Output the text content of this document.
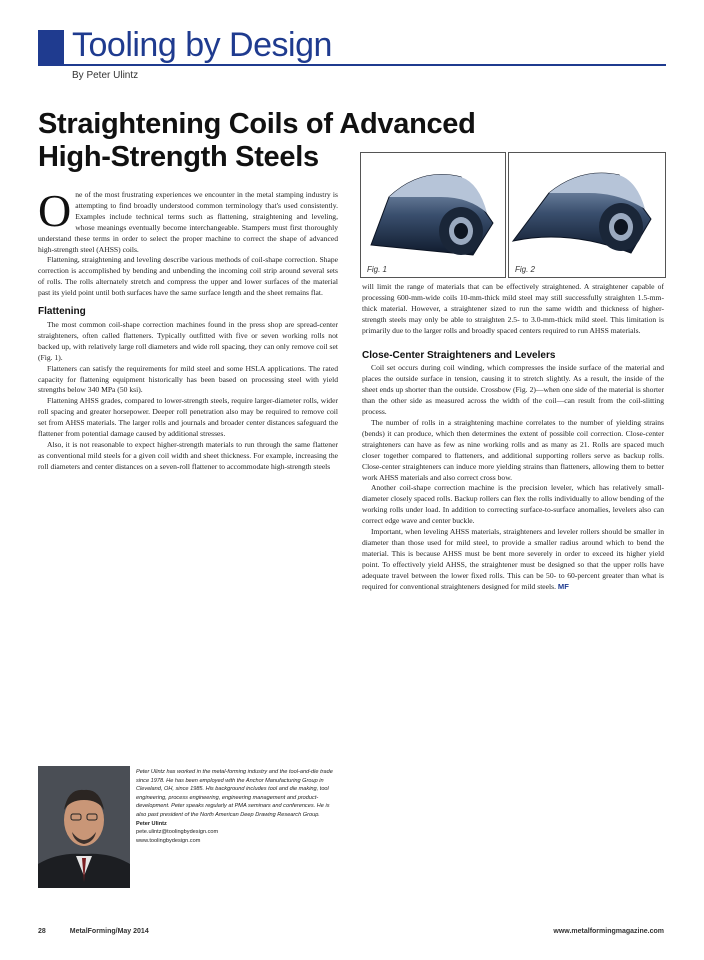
Tooling by Design
By Peter Ulintz
Straightening Coils of Advanced High-Strength Steels
Fig. 1	Fig. 2

One of the most frustrating experiences we encounter in the metal stamping industry is attempting to find broadly understood common terminology that's used consistently. Examples include technical terms such as flattening, straightening and leveling, whose meanings eventually become interchangeable. Stampers must first thoroughly understand these terms in order to select the proper machine to correct the shape of advanced high-strength steel (AHSS) coils.

Flattening, straightening and leveling describe various methods of coil-shape correction. Shape correction is accomplished by bending and unbending the incoming coil strip around several sets of rolls. The rolls alternately stretch and compress the upper and lower surfaces of the material past its yield point until both surfaces have the same surface length and the sheet remains flat.

Flattening

The most common coil-shape correction machines found in the press shop are spread-center straighteners, often called flatteners. Typically outfitted with five or seven working rolls not backed up, with relatively large roll diameters and wide roll spacing, they can only remove coil set (Fig. 1).

Flatteners can satisfy the requirements for mild steel and some HSLA applications. The rated capacity for flattening equipment historically has been based on processing steel with yield strengths below 340 MPa (50 ksi).

Flattening AHSS grades, compared to lower-strength steels, require larger-diameter rolls, wider roll spacing and greater horsepower. Deeper roll penetration also may be required to remove coil set from AHSS materials. The larger rolls and journals and broader center distances safeguard the flattener from potential damage caused by additional stresses.

Also, it is not reasonable to expect higher-strength materials to run through the same flattener as conventional mild steels for a given coil width and sheet thickness. For example, increasing the roll diameters and center distances on a seven-roll flattener to accommodate high-strength steels

Peter Ulintz has worked in the metal-forming industry and the tool-and-die trade since 1978. He has been employed with the Anchor Manufacturing Group in Cleveland, OH, since 1985. His background includes tool and die making, tool engineering, process engineering, engineering management and product-development. Peter speaks regularly at PMA seminars and conferences. He is also past president of the North American Deep Drawing Research Group.
Peter Ulintz
pete.ulintz@toolingbydesign.com
www.toolingbydesign.com

will limit the range of materials that can be effectively straightened. A straightener capable of processing 600-mm-wide coils 10-mm-thick mild steel may still successfully straighten 1.5-mm-thick material. However, a straightener sized to run the same width and thickness of higher-strength steels may only be able to straighten 2.5- to 3.0-mm-thick mild steel. This limitation is primarily due to the larger rolls and broadly spaced centers required to run AHSS materials.

Close-Center Straighteners and Levelers

Coil set occurs during coil winding, which compresses the inside surface of the material and places the outside surface in tension, causing it to stretch slightly. As a result, the inside of the sheet ends up shorter than the outside. Crossbow (Fig. 2)—when one side of the material is shorter than the other side as measured across the width of the coil—can result from the coil-slitting process.

The number of rolls in a straightening machine correlates to the number of yielding strains (bends) it can produce, which then determines the extent of possible coil correction. Close-center straighteners can have as few as nine working rolls and as many as 21. Rolls are spaced much closer together compared to flatteners, and additional supporting rollers serve as backup rolls. Close-center straighteners can induce more yielding strains than flatteners, allowing them to better work AHSS materials and also correct cross bow.

Another coil-shape correction machine is the precision leveler, which has relatively small-diameter closely spaced rolls. Backup rollers can flex the rolls individually to allow bending of the working rolls under load. In addition to correcting surface-to-surface anomalies, levelers also can correct edge wave and center buckle.

Important, when leveling AHSS materials, straighteners and leveler rollers should be smaller in diameter than those used for mild steel, to provide a smaller radius around which to bend the material. This is because AHSS must be bent more severely in order to exceed its higher yield point. To effectively yield AHSS, the straightener must be designed so that the upper rolls have adequate travel between the lower fixed rolls. This can be 50- to 60-percent greater than what is required for conventional straighteners designed for mild steels. MF

28	MetalForming/May 2014	www.metalformingmagazine.com
